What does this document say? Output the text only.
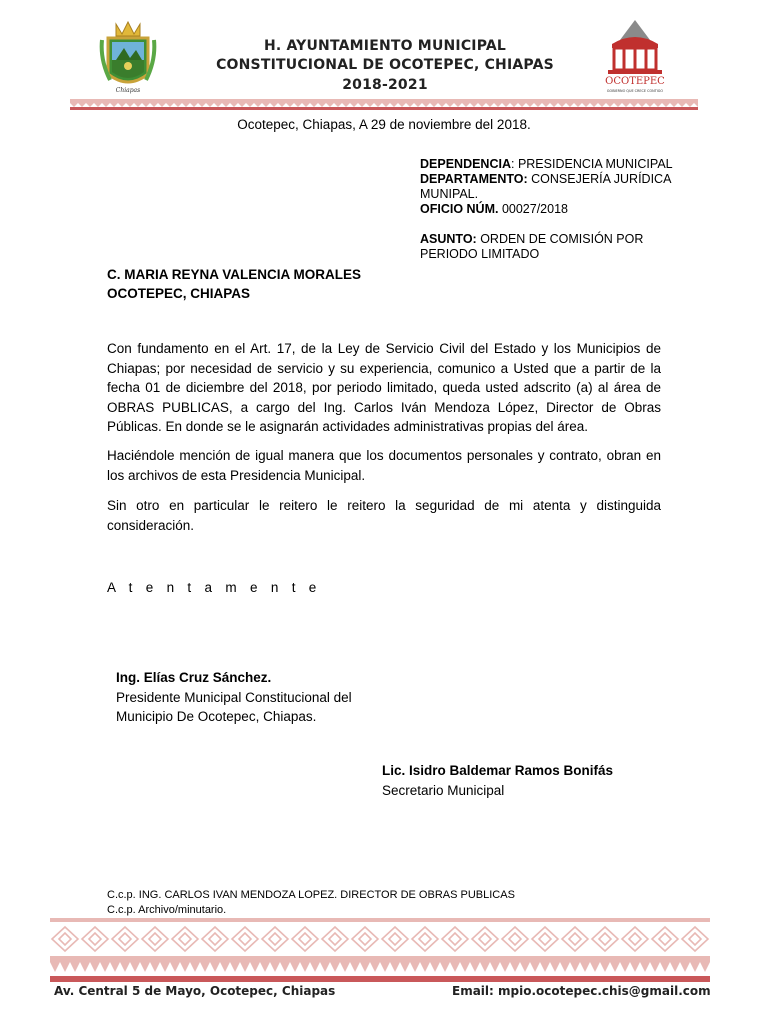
Chiapas
H. AYUNTAMIENTO MUNICIPAL
CONSTITUCIONAL DE OCOTEPEC, CHIAPAS
2018-2021	OCOTEPEC
GOBIERNO QUE CRECE CONTIGO
Ocotepec, Chiapas, A 29 de noviembre del 2018.
DEPENDENCIA: PRESIDENCIA MUNICIPAL
DEPARTAMENTO: CONSEJERÍA JURÍDICA
MUNIPAL.
OFICIO NÚM. 00027/2018
ASUNTO: ORDEN DE COMISIÓN POR
PERIODO LIMITADO
C. MARIA REYNA VALENCIA MORALES
OCOTEPEC, CHIAPAS

Con fundamento en el Art. 17, de la Ley de Servicio Civil del Estado y los Municipios de Chiapas; por necesidad de servicio y su experiencia, comunico a Usted que a partir de la fecha 01 de diciembre del 2018, por periodo limitado, queda usted adscrito (a) al área de OBRAS PUBLICAS, a cargo del Ing. Carlos Iván Mendoza López, Director de Obras Públicas. En donde se le asignarán actividades administrativas propias del área.

Haciéndole mención de igual manera que los documentos personales y contrato, obran en los archivos de esta Presidencia Municipal.

Sin otro en particular le reitero le reitero la seguridad de mi atenta y distinguida consideración.

A t e n t a m e n t e
Ing. Elías Cruz Sánchez.
Presidente Municipal Constitucional del
Municipio De Ocotepec, Chiapas.
Lic. Isidro Baldemar Ramos Bonifás
Secretario Municipal
C.c.p. ING. CARLOS IVAN MENDOZA LOPEZ. DIRECTOR DE OBRAS PUBLICAS
C.c.p. Archivo/minutario.
Av. Central 5 de Mayo, Ocotepec, Chiapas	Email: mpio.ocotepec.chis@gmail.com
